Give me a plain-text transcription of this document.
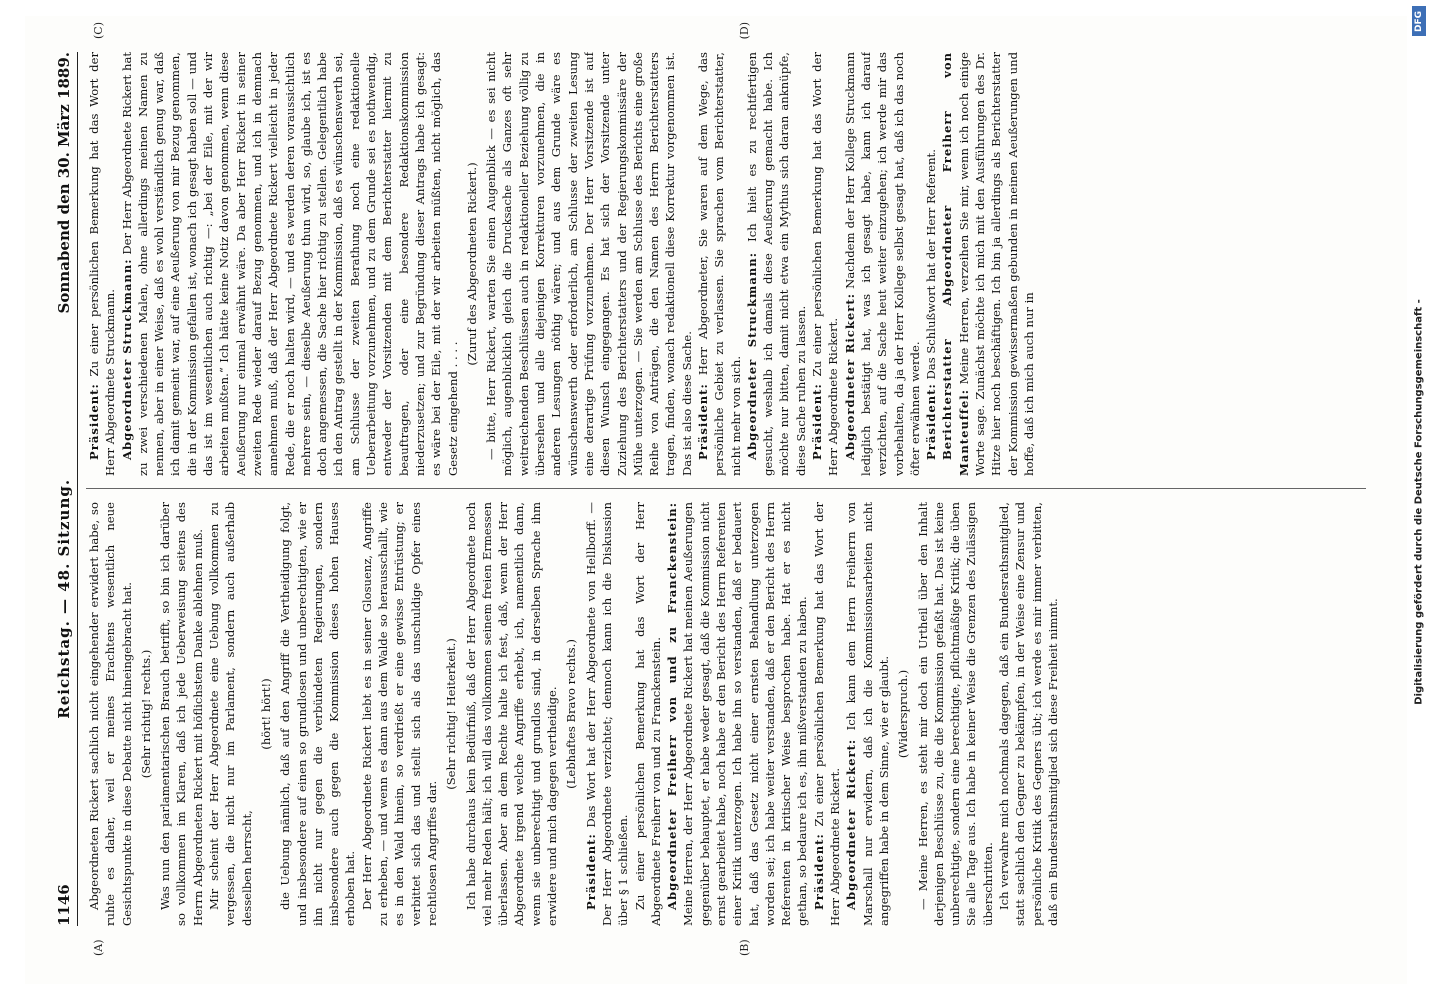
1146
Reichstag. — 48. Sitzung.
Sonnabend den 30. März 1889.
(A)	(B)
(C)	(D)

Abgeordneten Rickert sachlich nicht eingehender erwidert habe, so ruhte es daher, weil er meines Erachtens wesentlich neue Gesichtspunkte in diese Debatte nicht hineingebracht hat. (Sehr richtig! rechts.) Was nun den parlamentarischen Brauch betrifft, so bin ich darüber so vollkommen im Klaren, daß ich jede Ueberweisung seitens des Herrn Abgeordneten Rickert mit höflichstem Danke ablehnen muß. Mir scheint der Herr Abgeordnete eine Uebung vollkommen zu vergessen, die nicht nur im Parlament, sondern auch außerhalb desselben herrscht,

(hört! hört!) die Uebung nämlich, daß auf den Angriff die Vertheidigung folgt, und insbesondere auf einen so grundlosen und unberechtigten, wie er ihn nicht nur gegen die verbündeten Regierungen, sondern insbesondere auch gegen die Kommission dieses hohen Hauses erhoben hat. Der Herr Abgeordnete Rickert liebt es in seiner Glosuenz, Angriffe zu erheben, — und wenn es dann aus dem Walde so herausschallt, wie es in den Wald hinein, so verdrießt er eine gewisse Entrüstung; er verbittet sich das und stellt sich als das unschuldige Opfer eines rechtlosen Angriffes dar.

(Sehr richtig! Heiterkeit.) Ich habe durchaus kein Bedürfniß, daß der Herr Abgeordnete noch viel mehr Reden hält; ich will das vollkommen seinem freien Ermessen überlassen. Aber an dem Rechte halte ich fest, daß, wenn der Herr Abgeordnete irgend welche Angriffe erhebt, ich, namentlich dann, wenn sie unberechtigt und grundlos sind, in derselben Sprache ihm erwidere und mich dagegen vertheidige. (Lebhaftes Bravo rechts.)

Präsident: Das Wort hat der Herr Abgeordnete von Hellborff. — Der Herr Abgeordnete verzichtet; dennoch kann ich die Diskussion über § 1 schließen. Zu einer persönlichen Bemerkung hat das Wort der Herr Abgeordnete Freiherr von und zu Franckenstein. Abgeordneter Freiherr von und zu Franckenstein: Meine Herren, der Herr Abgeordnete Rickert hat meinen Aeußerungen gegenüber behauptet, er habe weder gesagt, daß die Kommission nicht ernst gearbeitet habe, noch habe er den Bericht des Herrn Referenten einer Kritik unterzogen. Ich habe ihn so verstanden, daß er bedauert hat, daß das Gesetz nicht einer ernsten Behandlung unterzogen worden sei; ich habe weiter verstanden, daß er den Bericht des Herrn Referenten in kritischer Weise besprochen habe. Hat er es nicht gethan, so bedaure ich es, ihn mißverstanden zu haben. Präsident: Zu einer persönlichen Bemerkung hat das Wort der Herr Abgeordnete Rickert. Abgeordneter Rickert: Ich kann dem Herrn Freiherrn von Marschall nur erwidern, daß ich die Kommissionsarbeiten nicht angegriffen habe in dem Sinne, wie er glaubt. (Widerspruch.) — Meine Herren, es steht mir doch ein Urtheil über den Inhalt derjenigen Beschlüsse zu, die die Kommission gefaßt hat. Das ist keine unberechtigte, sondern eine berechtigte, pflichtmäßige Kritik; die üben Sie alle Tage aus. Ich habe in keiner Weise die Grenzen des Zulässigen überschritten. Ich verwahre mich nochmals dagegen, daß ein Bundesrathsmitglied, statt sachlich den Gegner zu bekämpfen, in der Weise eine Zensur und persönliche Kritik des Gegners übt; ich werde es mir immer verbitten, daß ein Bundesrathsmitglied sich diese Freiheit nimmt.

Präsident: Zu einer persönlichen Bemerkung hat das Wort der Herr Abgeordnete Struckmann. Abgeordneter Struckmann: Der Herr Abgeordnete Rickert hat zu zwei verschiedenen Malen, ohne allerdings meinen Namen zu nennen, aber in einer Weise, daß es wohl verständlich genug war, daß ich damit gemeint war, auf eine Aeußerung von mir Bezug genommen, die in der Kommission gefallen ist, wonach ich gesagt haben soll — und das ist im wesentlichen auch richtig —: „bei der Eile, mit der wir arbeiten mußten.“ Ich hätte keine Notiz davon genommen, wenn diese Aeußerung nur einmal erwähnt wäre. Da aber Herr Rickert in seiner zweiten Rede wieder darauf Bezug genommen, und ich in demnach annehmen muß, daß der Herr Abgeordnete Rickert vielleicht in jeder Rede, die er noch halten wird, — und es werden deren voraussichtlich mehrere sein, — dieselbe Aeußerung thun wird, so, glaube ich, ist es doch angemessen, die Sache hier richtig zu stellen. Gelegentlich habe ich den Antrag gestellt in der Kommission, daß es wünschenswerth sei, am Schlusse der zweiten Berathung noch eine redaktionelle Ueberarbeitung vorzunehmen, und zu dem Grunde sei es nothwendig, entweder der Vorsitzenden mit dem Berichterstatter hiermit zu beauftragen, oder eine besondere Redaktionskommission niederzusetzen; und zur Begründung dieser Antrags habe ich gesagt: es wäre bei der Eile, mit der wir arbeiten müßten, nicht möglich, das Gesetz eingehend . . . .

(Zuruf des Abgeordneten Rickert.) — bitte, Herr Rickert, warten Sie einen Augenblick — es sei nicht möglich, augenblicklich gleich die Drucksache als Ganzes oft sehr weitreichenden Beschlüssen auch in redaktioneller Beziehung völlig zu übersehen und alle diejenigen Korrekturen vorzunehmen, die in anderen Lesungen nöthig wären; und aus dem Grunde wäre es wünschenswerth oder erforderlich, am Schlusse der zweiten Lesung eine derartige Prüfung vorzunehmen. Der Herr Vorsitzende ist auf diesen Wunsch eingegangen. Es hat sich der Vorsitzende unter Zuziehung des Berichterstatters und der Regierungskommissäre der Mühe unterzogen. — Sie werden am Schlusse des Berichts eine große Reihe von Anträgen, die den Namen des Herrn Berichterstatters tragen, finden, wonach redaktionell diese Korrektur vorgenommen ist. Das ist also diese Sache. Präsident: Herr Abgeordneter, Sie waren auf dem Wege, das persönliche Gebiet zu verlassen. Sie sprachen vom Berichterstatter, nicht mehr von sich. Abgeordneter Struckmann: Ich hielt es zu rechtfertigen gesucht, weshalb ich damals diese Aeußerung gemacht habe. Ich möchte nur bitten, damit nicht etwa ein Mythus sich daran anknüpfe, diese Sache ruhen zu lassen. Präsident: Zu einer persönlichen Bemerkung hat das Wort der Herr Abgeordnete Rickert. Abgeordneter Rickert: Nachdem der Herr Kollege Struckmann lediglich bestätigt hat, was ich gesagt habe, kann ich darauf verzichten, auf die Sache heut weiter einzugehen; ich werde mir das vorbehalten, da ja der Herr Kollege selbst gesagt hat, daß ich das noch öfter erwähnen werde. Präsident: Das Schlußwort hat der Herr Referent. Berichterstatter Abgeordneter Freiherr von Manteuffel: Meine Herren, verzeihen Sie mir, wenn ich noch einige Worte sage. Zunächst möchte ich mich mit den Ausführungen des Dr. Hitze hier noch beschäftigen. Ich bin ja allerdings als Berichterstatter der Kommission gewissermaßen gebunden in meinen Aeußerungen und hoffe, daß ich mich auch nur in

DFG
Digitalisierung gefördert durch die Deutsche Forschungsgemeinschaft -
